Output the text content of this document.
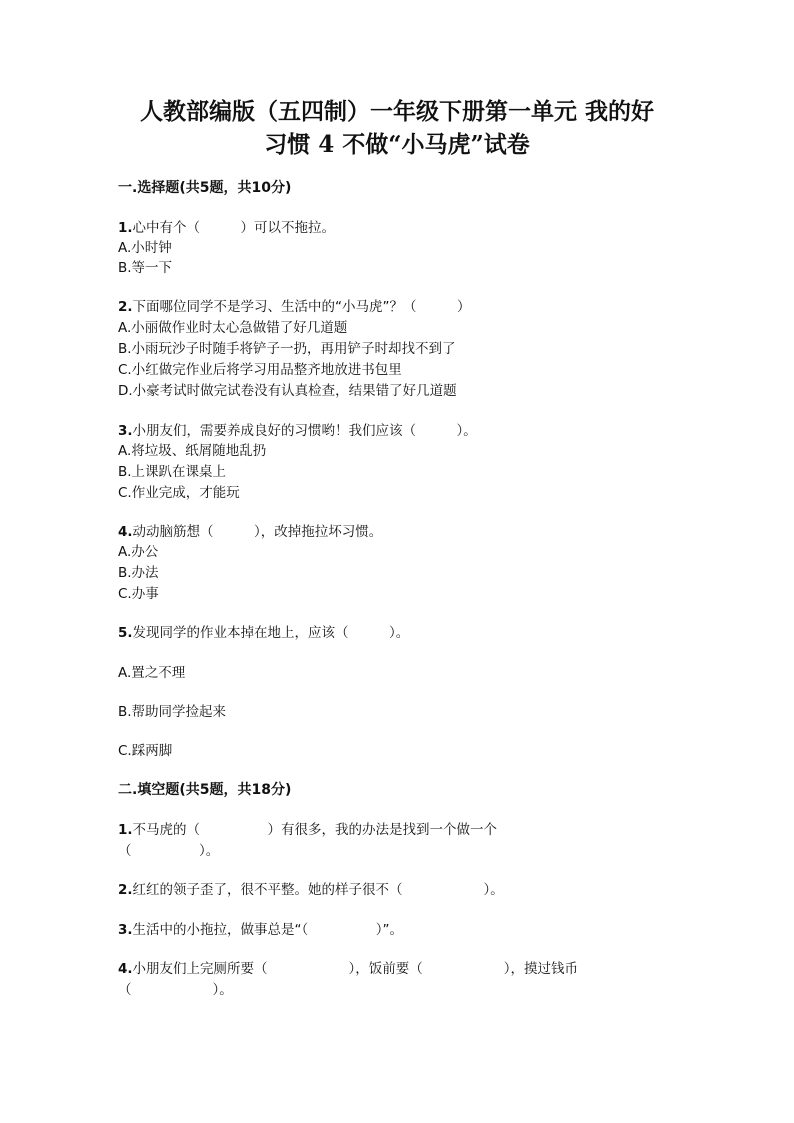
人教部编版（五四制）一年级下册第一单元 我的好
习惯 4 不做“小马虎”试卷
一.选择题(共5题，共10分)
1.心中有个（　　　）可以不拖拉。
A.小时钟
B.等一下
2.下面哪位同学不是学习、生活中的“小马虎”？（　　　）
A.小丽做作业时太心急做错了好几道题
B.小雨玩沙子时随手将铲子一扔，再用铲子时却找不到了
C.小红做完作业后将学习用品整齐地放进书包里
D.小豪考试时做完试卷没有认真检查，结果错了好几道题
3.小朋友们，需要养成良好的习惯哟！我们应该（　　　）。
A.将垃圾、纸屑随地乱扔
B.上课趴在课桌上
C.作业完成，才能玩
4.动动脑筋想（　　　），改掉拖拉坏习惯。
A.办公
B.办法
C.办事
5.发现同学的作业本掉在地上，应该（　　　）。
A.置之不理
B.帮助同学捡起来
C.踩两脚
二.填空题(共5题，共18分)
1.不马虎的（　　　　　）有很多，我的办法是找到一个做一个
（　　　　　）。
2.红红的领子歪了，很不平整。她的样子很不（　　　　　　）。
3.生活中的小拖拉，做事总是“（　　　　　）”。
4.小朋友们上完厕所要（　　　　　　），饭前要（　　　　　　），摸过钱币
（　　　　　　）。
